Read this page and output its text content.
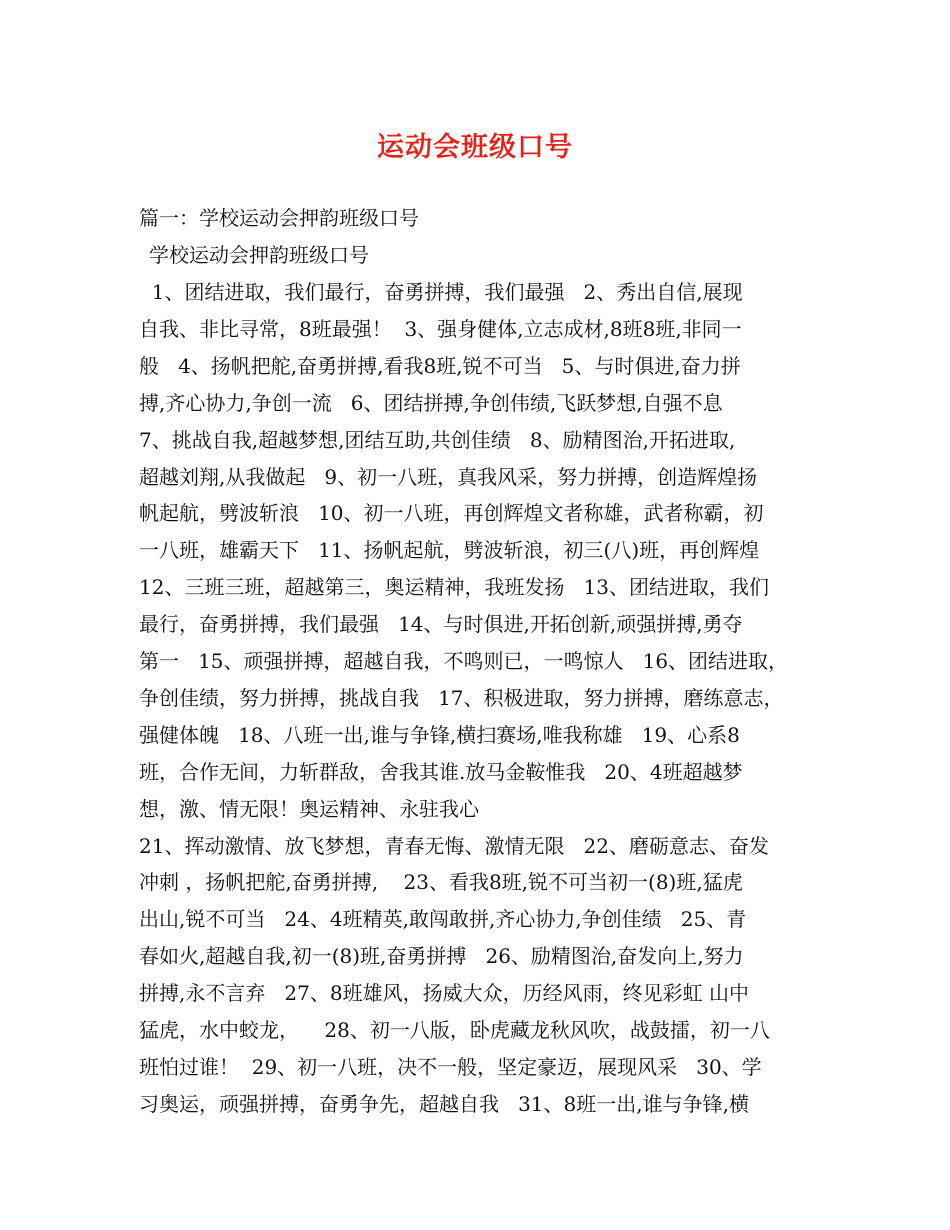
运动会班级口号
篇一：学校运动会押韵班级口号
学校运动会押韵班级口号
1、团结进取，我们最行，奋勇拼搏，我们最强   2、秀出自信,展现
自我、非比寻常，8班最强！  3、强身健体,立志成材,8班8班,非同一
般   4、扬帆把舵,奋勇拼搏,看我8班,锐不可当   5、与时俱进,奋力拼
搏,齐心协力,争创一流   6、团结拼搏,争创伟绩,飞跃梦想,自强不息
7、挑战自我,超越梦想,团结互助,共创佳绩   8、励精图治,开拓进取,
超越刘翔,从我做起   9、初一八班，真我风采，努力拼搏，创造辉煌扬
帆起航，劈波斩浪   10、初一八班，再创辉煌文者称雄，武者称霸，初
一八班，雄霸天下   11、扬帆起航，劈波斩浪，初三(八)班，再创辉煌
12、三班三班，超越第三，奥运精神，我班发扬   13、团结进取，我们
最行，奋勇拼搏，我们最强   14、与时俱进,开拓创新,顽强拼搏,勇夺
第一   15、顽强拼搏，超越自我，不鸣则已，一鸣惊人   16、团结进取，
争创佳绩，努力拼搏，挑战自我   17、积极进取，努力拼搏，磨练意志，
强健体魄   18、八班一出,谁与争锋,横扫赛场,唯我称雄   19、心系8
班，合作无间，力斩群敌，舍我其谁.放马金鞍惟我   20、4班超越梦
想，激、情无限！奥运精神、永驻我心
21、挥动激情、放飞梦想，青春无悔、激情无限   22、磨砺意志、奋发
冲刺 ，扬帆把舵,奋勇拼搏,    23、看我8班,锐不可当初一(8)班,猛虎
出山,锐不可当   24、4班精英,敢闯敢拼,齐心协力,争创佳绩   25、青
春如火,超越自我,初一(8)班,奋勇拼搏   26、励精图治,奋发向上,努力
拼搏,永不言弃   27、8班雄风，扬威大众，历经风雨，终见彩虹 山中
猛虎，水中蛟龙，    28、初一八版，卧虎藏龙秋风吹，战鼓擂，初一八
班怕过谁！  29、初一八班，决不一般，坚定豪迈，展现风采   30、学
习奥运，顽强拼搏，奋勇争先，超越自我   31、8班一出,谁与争锋,横
